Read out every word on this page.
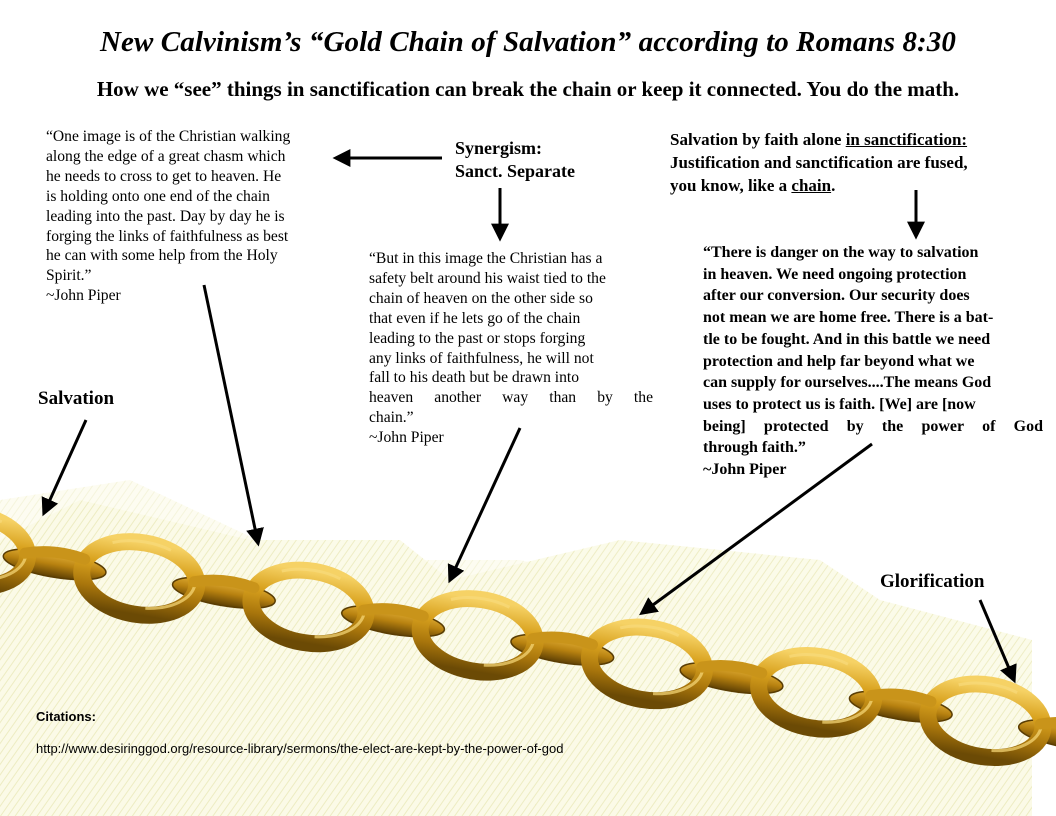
New Calvinism’s “Gold Chain of Salvation” according to Romans 8:30
How we “see” things in sanctification can break the chain or keep it connected. You do the math.
“One image is of the Christian walking
along the edge of a great chasm which
he needs to cross to get to heaven. He
is holding onto one end of the chain
leading into the past. Day by day he is
forging the links of faithfulness as best
he can with some help from the Holy
Spirit.”
~John Piper
Synergism:
Sanct. Separate
“But in this image the Christian has a
safety belt around his waist tied to the
chain of heaven on the other side so
that even if he lets go of the chain
leading to the past or stops forging
any links of faithfulness, he will not
fall to his death but be drawn into
heaven another way than by the
chain.”
~John Piper
Salvation by faith alone in sanctification:
Justification and sanctification are fused,
you know, like a chain.
“There is danger on the way to salvation
in heaven. We need ongoing protection
after our conversion. Our security does
not mean we are home free. There is a bat-
tle to be fought. And in this battle we need
protection and help far beyond what we
can supply for ourselves....The means God
uses to protect us is faith. [We] are [now
being] protected by the power of God
through faith.”
~John Piper
Salvation
Glorification
Citations:
http://www.desiringgod.org/resource-library/sermons/the-elect-are-kept-by-the-power-of-god
